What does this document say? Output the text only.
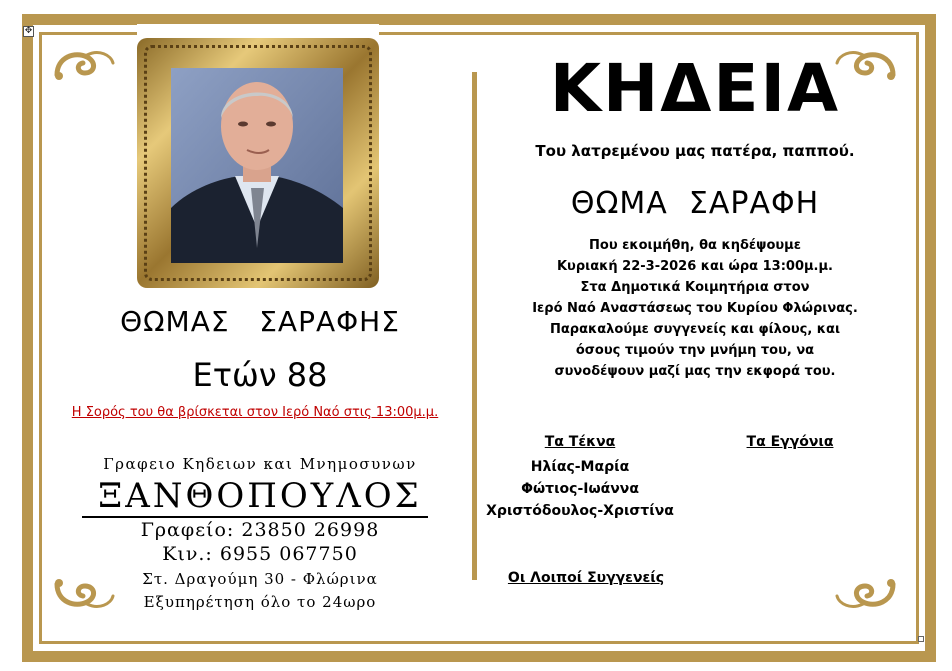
✥
ΘΩΜΑΣ   ΣΑΡΑΦΗΣ
Ετών 88
Η Σορός του θα βρίσκεται στον Ιερό Ναό στις 13:00μ.μ.
Γραφειο Κηδειων και Μνημοσυνων
ΞΑΝΘΟΠΟΥΛΟΣ
Γραφείο: 23850 26998
Κιν.: 6955 067750
Στ. Δραγούμη 30 - Φλώρινα
Εξυπηρέτηση όλο το 24ωρο
ΚΗΔΕΙΑ
Του λατρεμένου μας πατέρα, παππού.
ΘΩΜΑ  ΣΑΡΑΦΗ
Που εκοιμήθη, θα κηδέψουμε
Κυριακή 22-3-2026 και ώρα 13:00μ.μ.
Στα Δημοτικά Κοιμητήρια στον
Ιερό Ναό Αναστάσεως του Κυρίου Φλώρινας.
Παρακαλούμε συγγενείς και φίλους, και
όσους τιμούν την μνήμη του, να
συνοδέψουν μαζί μας την εκφορά του.
Τα Τέκνα
Ηλίας-Μαρία
Φώτιος-Ιωάννα
Χριστόδουλος-Χριστίνα
Τα Εγγόνια
Οι Λοιποί Συγγενείς
